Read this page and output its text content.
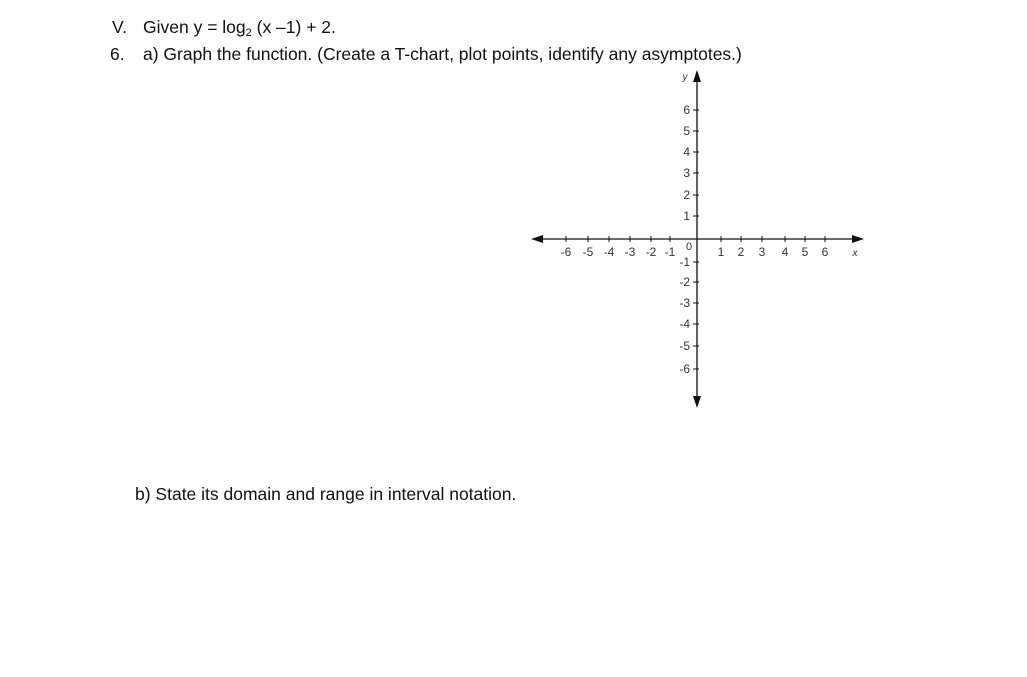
V. Given $y = \log_2 (x$ –1) + 2.
6. a) Graph the function. (Create a T-chart, plot points, identify any asymptotes.)
1 2 3 4 5 6
-6 -5 -4 -3 -2 -1
1
2
3
4
5
6
-1
-2
-3
-4
-5
-6
0
x
y
b) State its domain and range in interval notation.
